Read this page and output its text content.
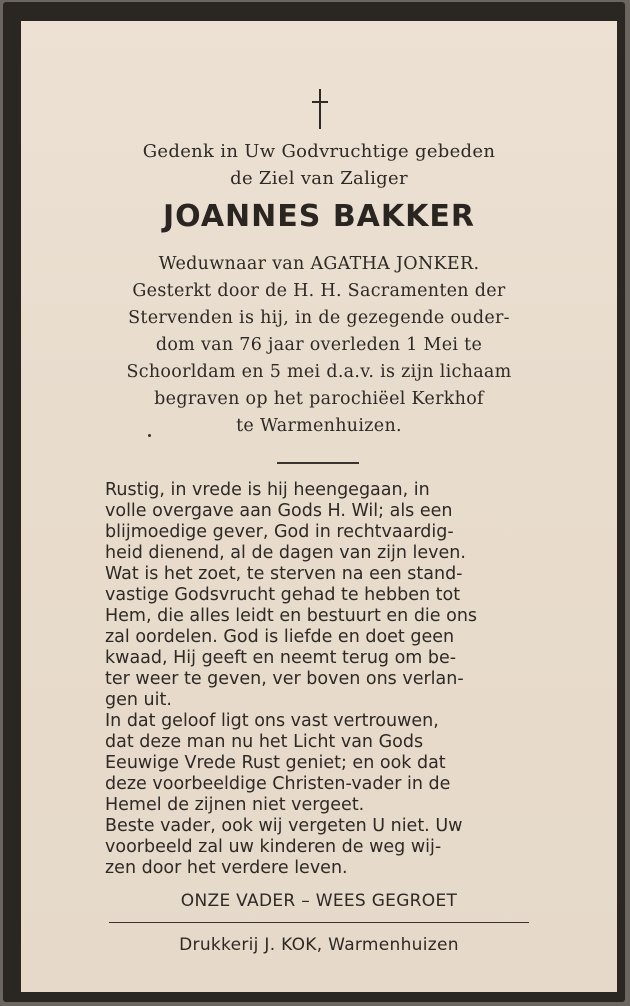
Gedenk in Uw Godvruchtige gebeden
de Ziel van Zaliger
JOANNES BAKKER
Weduwnaar van AGATHA JONKER.
Gesterkt door de H. H. Sacramenten der
Stervenden is hij, in de gezegende ouder-
dom van 76 jaar overleden 1 Mei te
Schoorldam en 5 mei d.a.v. is zijn lichaam
begraven op het parochiëel Kerkhof
te Warmenhuizen.
Rustig, in vrede is hij heengegaan, in
volle overgave aan Gods H. Wil; als een
blijmoedige gever, God in rechtvaardig-
heid dienend, al de dagen van zijn leven.
Wat is het zoet, te sterven na een stand-
vastige Godsvrucht gehad te hebben tot
Hem, die alles leidt en bestuurt en die ons
zal oordelen. God is liefde en doet geen
kwaad, Hij geeft en neemt terug om be-
ter weer te geven, ver boven ons verlan-
gen uit.
In dat geloof ligt ons vast vertrouwen,
dat deze man nu het Licht van Gods
Eeuwige Vrede Rust geniet; en ook dat
deze voorbeeldige Christen-vader in de
Hemel de zijnen niet vergeet.
Beste vader, ook wij vergeten U niet. Uw
voorbeeld zal uw kinderen de weg wij-
zen door het verdere leven.
ONZE VADER – WEES GEGROET
Drukkerij J. KOK, Warmenhuizen
